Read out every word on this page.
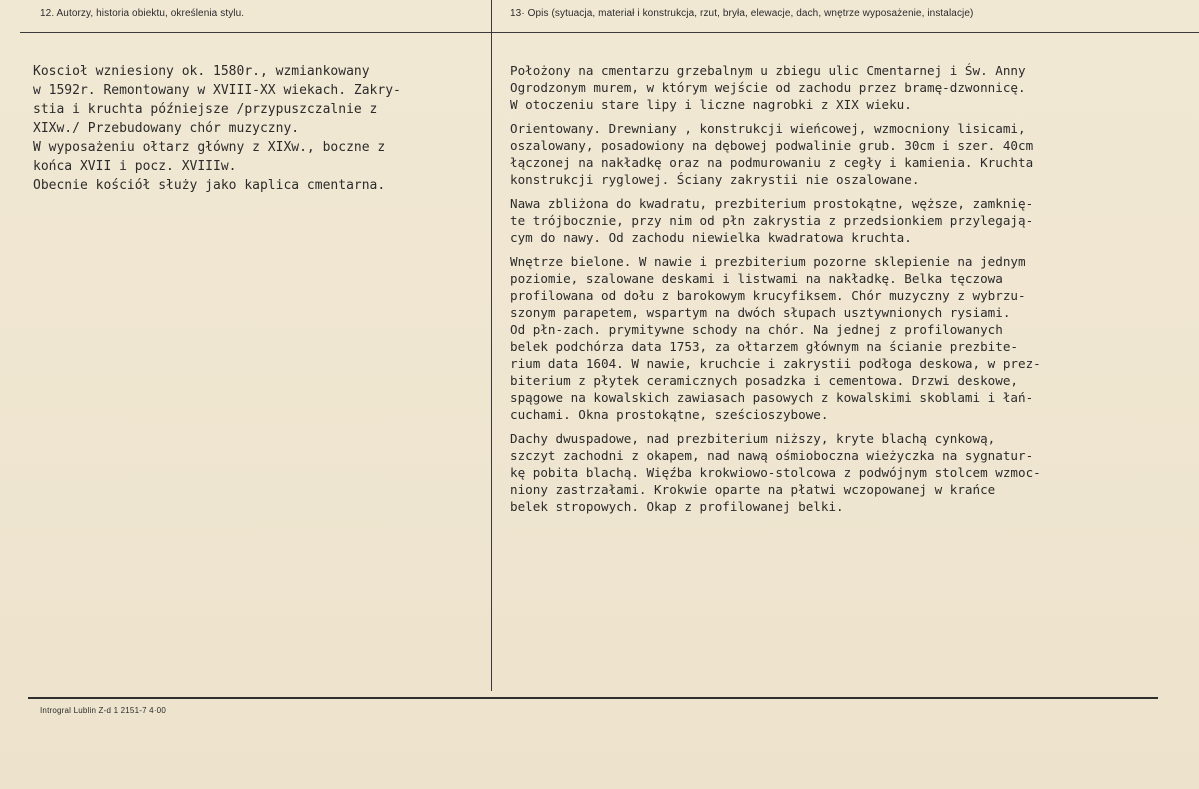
12. Autorzy, historia obiektu, określenia stylu.	13· Opis (sytuacja, materiał i konstrukcja, rzut, bryła, elewacje, dach, wnętrze wyposażenie, instalacje)

Koscioł wzniesiony ok. 1580r., wzmiankowany

w 1592r. Remontowany w XVIII-XX wiekach. Zakry-

stia i kruchta późniejsze /przypuszczalnie z

XIXw./ Przebudowany chór muzyczny.

W wyposażeniu ołtarz główny z XIXw., boczne z

końca XVII i pocz. XVIIIw.

Obecnie kościół służy jako kaplica cmentarna.

Położony na cmentarzu grzebalnym u zbiegu ulic Cmentarnej i Św. Anny
Ogrodzonym murem, w którym wejście od zachodu przez bramę-dzwonnicę.
W otoczeniu stare lipy i liczne nagrobki z XIX wieku.
Orientowany. Drewniany , konstrukcji wieńcowej, wzmocniony lisicami,
oszalowany, posadowiony na dębowej podwalinie grub. 30cm i szer. 40cm
łączonej na nakładkę oraz na podmurowaniu z cegły i kamienia. Kruchta
konstrukcji ryglowej. Ściany zakrystii nie oszalowane.
Nawa zbliżona do kwadratu, prezbiterium prostokątne, węższe, zamknię-
te trójbocznie, przy nim od płn zakrystia z przedsionkiem przylegają-
cym do nawy. Od zachodu niewielka kwadratowa kruchta.
Wnętrze bielone. W nawie i prezbiterium pozorne sklepienie na jednym
poziomie, szalowane deskami i listwami na nakładkę. Belka tęczowa
profilowana od dołu z barokowym krucyfiksem. Chór muzyczny z wybrzu-
szonym parapetem, wspartym na dwóch słupach usztywnionych rysiami.
Od płn-zach. prymitywne schody na chór. Na jednej z profilowanych
belek podchórza data 1753, za ołtarzem głównym na ścianie prezbite-
rium data 1604. W nawie, kruchcie i zakrystii podłoga deskowa, w prez-
biterium z płytek ceramicznych posadzka i cementowa. Drzwi deskowe,
spągowe na kowalskich zawiasach pasowych z kowalskimi skoblami i łań-
cuchami. Okna prostokątne, sześcioszybowe.
Dachy dwuspadowe, nad prezbiterium niższy, kryte blachą cynkową,
szczyt zachodni z okapem, nad nawą ośmioboczna wieżyczka na sygnatur-
kę pobita blachą. Więźba krokwiowo-stolcowa z podwójnym stolcem wzmoc-
niony zastrzałami. Krokwie oparte na płatwi wczopowanej w krańce
belek stropowych. Okap z profilowanej belki.
Introgral Lublin Z-d 1 2151-7 4·00
